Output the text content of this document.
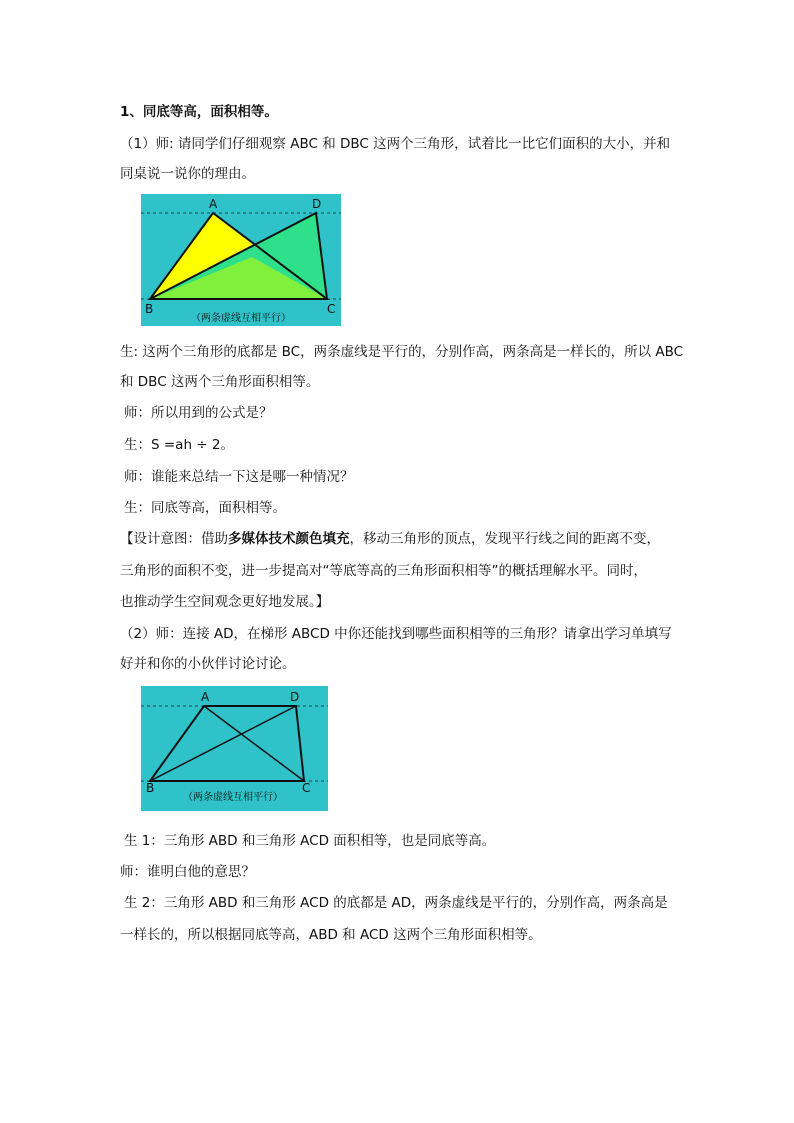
1、同底等高，面积相等。
（1）师: 请同学们仔细观察 ABC 和 DBC 这两个三角形，试着比一比它们面积的大小，并和
同桌说一说你的理由。
A	D
B	C
（两条虚线互相平行）
生: 这两个三角形的底都是 BC，两条虚线是平行的，分别作高，两条高是一样长的，所以 ABC
和 DBC 这两个三角形面积相等。
师：所以用到的公式是？
生：S =ah ÷ 2。
师：谁能来总结一下这是哪一种情况？
生：同底等高，面积相等。
【设计意图：借助多媒体技术颜色填充，移动三角形的顶点，发现平行线之间的距离不变，
三角形的面积不变，进一步提高对“等底等高的三角形面积相等”的概括理解水平。同时，
也推动学生空间观念更好地发展。】
（2）师：连接 AD，在梯形 ABCD 中你还能找到哪些面积相等的三角形？请拿出学习单填写
好并和你的小伙伴讨论讨论。
A	D
B	C
（两条虚线互相平行）
生 1：三角形 ABD 和三角形 ACD 面积相等，也是同底等高。
师：谁明白他的意思？
生 2：三角形 ABD 和三角形 ACD 的底都是 AD，两条虚线是平行的，分别作高，两条高是
一样长的，所以根据同底等高，ABD 和 ACD 这两个三角形面积相等。
